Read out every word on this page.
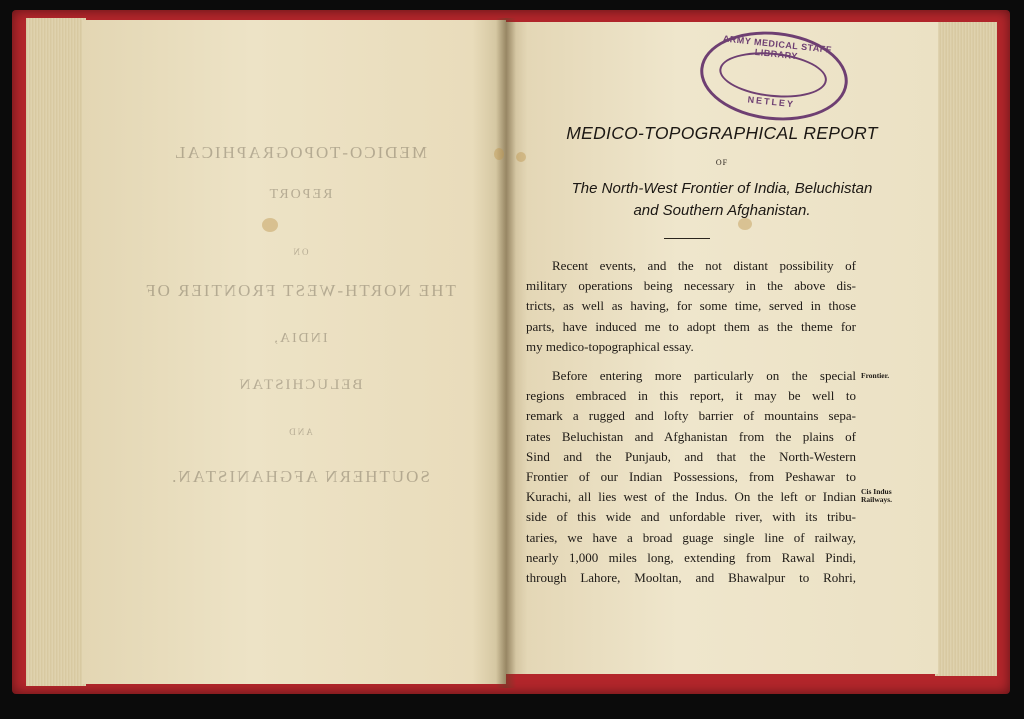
MEDICO-TOPOGRAPHICAL
REPORT
ON
THE NORTH-WEST FRONTIER OF
INDIA,
BELUCHISTAN
AND
SOUTHERN AFGHANISTAN.
ARMY MEDICAL STAFF LIBRARY
NETLEY
MEDICO-TOPOGRAPHICAL REPORT
OF
The North-West Frontier of India, Beluchistan
and Southern Afghanistan.

Recent events, and the not distant possibility of
military operations being necessary in the above dis-
tricts, as well as having, for some time, served in those
parts, have induced me to adopt them as the theme for
my medico-topographical essay.

Before entering more particularly on the special
regions embraced in this report, it may be well to
remark a rugged and lofty barrier of mountains sepa-
rates Beluchistan and Afghanistan from the plains of
Sind and the Punjaub, and that the North-Western
Frontier of our Indian Possessions, from Peshawar to
Kurachi, all lies west of the Indus. On the left or Indian
side of this wide and unfordable river, with its tribu-
taries, we have a broad guage single line of railway,
nearly 1,000 miles long, extending from Rawal Pindi,
through Lahore, Mooltan, and Bhawalpur to Rohri,

Frontier.
Cis Indus
Railways.
